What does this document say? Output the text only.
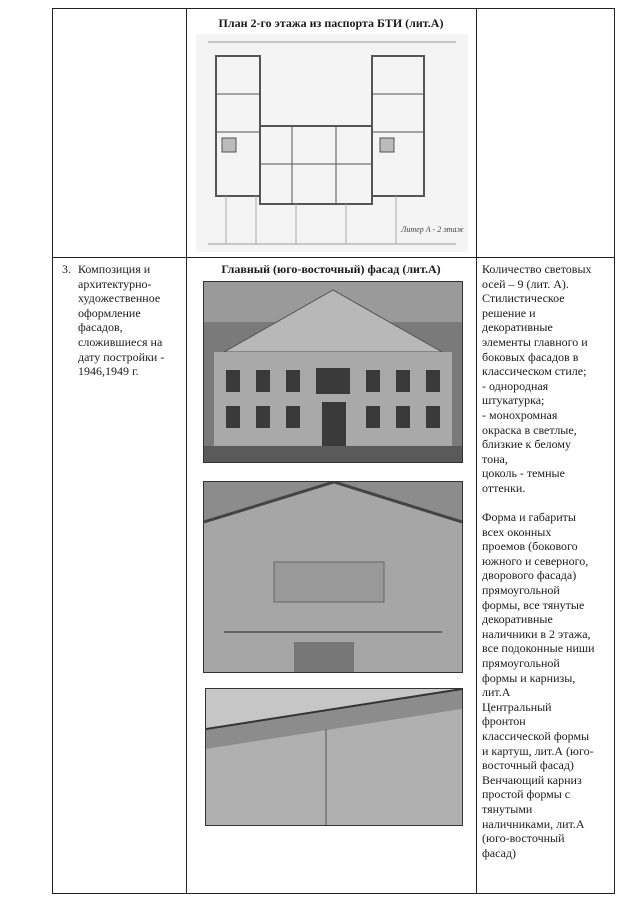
План 2-го этажа из паспорта БТИ (лит.А)
Литер А - 2 этаж
3. Композиция и
архитектурно-
художественное
оформление
фасадов,
сложившиеся на
дату постройки -
1946,1949 г.
Главный (юго-восточный) фасад (лит.А)	Количество световых
осей – 9 (лит. А).
Стилистическое
решение и
декоративные
элементы главного и
боковых фасадов в
классическом стиле;
- однородная
штукатурка;
- монохромная
окраска в светлые,
близкие к белому
тона,
цоколь - темные
оттенки.
Форма и габариты
всех оконных
проемов (бокового
южного и северного,
дворового фасада)
прямоугольной
формы, все тянутые
декоративные
наличники в 2 этажа,
все подоконные ниши
прямоугольной
формы и карнизы,
лит.А
Центральный
фронтон
классической формы
и картуш, лит.А (юго-
восточный фасад)
Венчающий карниз
простой формы с
тянутыми
наличниками, лит.А
(юго-восточный
фасад)
